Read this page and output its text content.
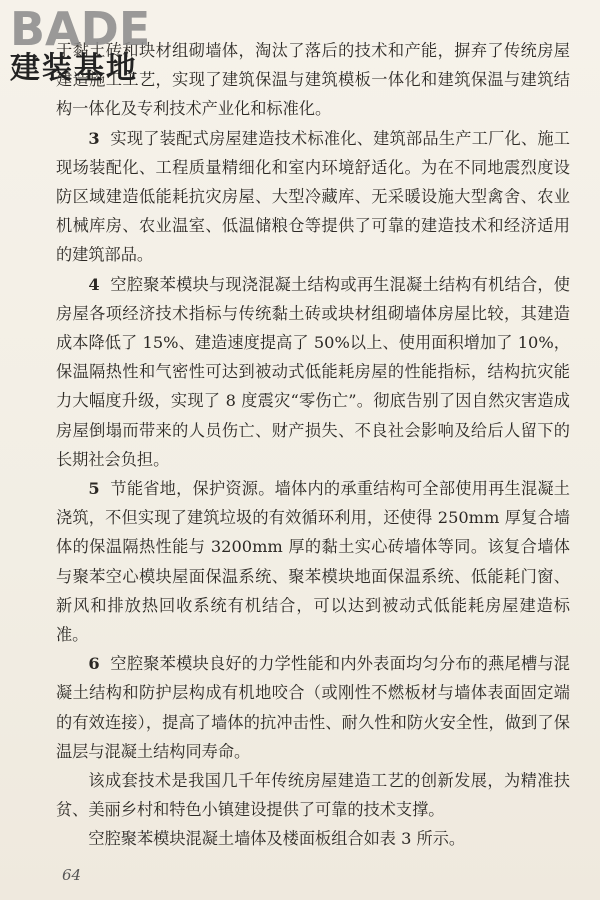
BADE
建装基地

于黏土砖和块材组砌墙体，淘汰了落后的技术和产能，摒弃了传统房屋建造施工工艺，实现了建筑保温与建筑模板一体化和建筑保温与建筑结构一体化及专利技术产业化和标准化。

3 实现了装配式房屋建造技术标准化、建筑部品生产工厂化、施工现场装配化、工程质量精细化和室内环境舒适化。为在不同地震烈度设防区域建造低能耗抗灾房屋、大型冷藏库、无采暖设施大型禽舍、农业机械库房、农业温室、低温储粮仓等提供了可靠的建造技术和经济适用的建筑部品。

4 空腔聚苯模块与现浇混凝土结构或再生混凝土结构有机结合，使房屋各项经济技术指标与传统黏土砖或块材组砌墙体房屋比较，其建造成本降低了 15%、建造速度提高了 50%以上、使用面积增加了 10%，保温隔热性和气密性可达到被动式低能耗房屋的性能指标，结构抗灾能力大幅度升级，实现了 8 度震灾“零伤亡”。彻底告别了因自然灾害造成房屋倒塌而带来的人员伤亡、财产损失、不良社会影响及给后人留下的长期社会负担。

5 节能省地，保护资源。墙体内的承重结构可全部使用再生混凝土浇筑，不但实现了建筑垃圾的有效循环利用，还使得 250mm 厚复合墙体的保温隔热性能与 3200mm 厚的黏土实心砖墙体等同。该复合墙体与聚苯空心模块屋面保温系统、聚苯模块地面保温系统、低能耗门窗、新风和排放热回收系统有机结合，可以达到被动式低能耗房屋建造标准。

6 空腔聚苯模块良好的力学性能和内外表面均匀分布的燕尾槽与混凝土结构和防护层构成有机地咬合（或刚性不燃板材与墙体表面固定端的有效连接），提高了墙体的抗冲击性、耐久性和防火安全性，做到了保温层与混凝土结构同寿命。

该成套技术是我国几千年传统房屋建造工艺的创新发展，为精准扶贫、美丽乡村和特色小镇建设提供了可靠的技术支撑。

空腔聚苯模块混凝土墙体及楼面板组合如表 3 所示。

64
